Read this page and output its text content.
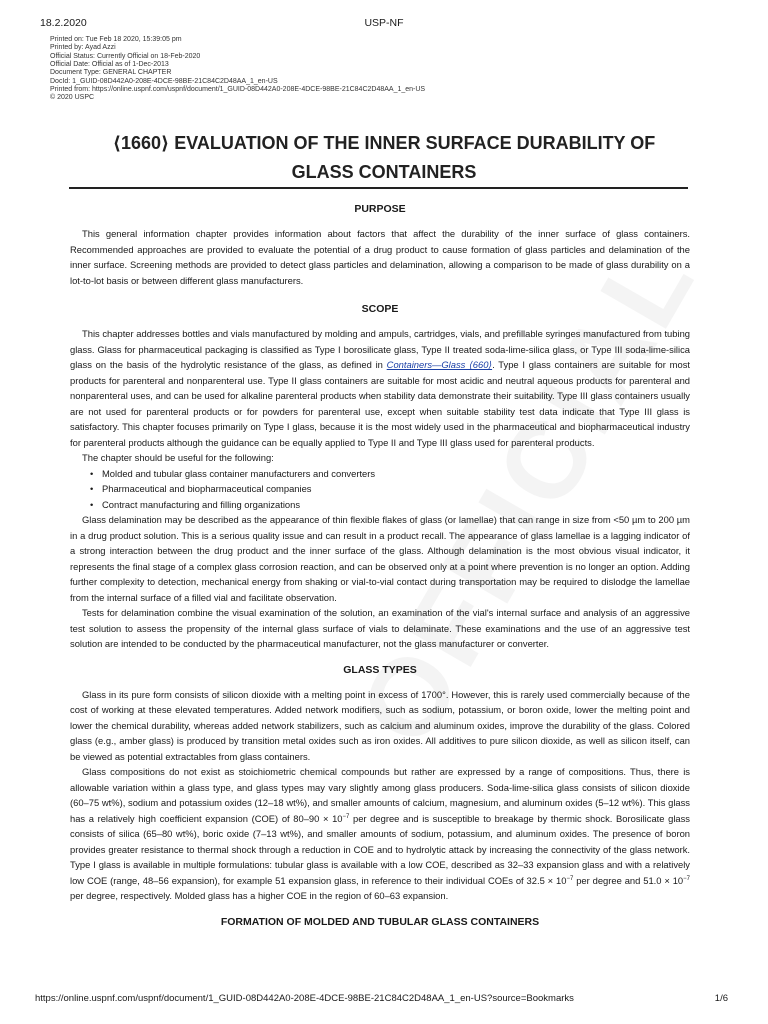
18.2.2020	USP-NF
Printed on: Tue Feb 18 2020, 15:39:05 pm
Printed by: Ayad Azzi
Official Status: Currently Official on 18-Feb-2020
Official Date: Official as of 1-Dec-2013
Document Type: GENERAL CHAPTER
DocId: 1_GUID-08D442A0-208E-4DCE-98BE-21C84C2D48AA_1_en-US
Printed from: https://online.uspnf.com/uspnf/document/1_GUID-08D442A0-208E-4DCE-98BE-21C84C2D48AA_1_en-US
© 2020 USPC
⟨1660⟩ EVALUATION OF THE INNER SURFACE DURABILITY OF
GLASS CONTAINERS
PURPOSE

This general information chapter provides information about factors that affect the durability of the inner surface of glass containers. Recommended approaches are provided to evaluate the potential of a drug product to cause formation of glass particles and delamination of the inner surface. Screening methods are provided to detect glass particles and delamination, allowing a comparison to be made of glass durability on a lot-to-lot basis or between different glass manufacturers.

SCOPE

This chapter addresses bottles and vials manufactured by molding and ampuls, cartridges, vials, and prefillable syringes manufactured from tubing glass. Glass for pharmaceutical packaging is classified as Type I borosilicate glass, Type II treated soda-lime-silica glass, or Type III soda-lime-silica glass on the basis of the hydrolytic resistance of the glass, as defined in Containers—Glass ⟨660⟩. Type I glass containers are suitable for most products for parenteral and nonparenteral use. Type II glass containers are suitable for most acidic and neutral aqueous products for parenteral and nonparenteral uses, and can be used for alkaline parenteral products when stability data demonstrate their suitability. Type III glass containers usually are not used for parenteral products or for powders for parenteral use, except when suitable stability test data indicate that Type III glass is satisfactory. This chapter focuses primarily on Type I glass, because it is the most widely used in the pharmaceutical and biopharmaceutical industry for parenteral products although the guidance can be equally applied to Type II and Type III glass used for parenteral products.

The chapter should be useful for the following:

• Molded and tubular glass container manufacturers and converters
• Pharmaceutical and biopharmaceutical companies
• Contract manufacturing and filling organizations

Glass delamination may be described as the appearance of thin flexible flakes of glass (or lamellae) that can range in size from <50 µm to 200 µm in a drug product solution. This is a serious quality issue and can result in a product recall. The appearance of glass lamellae is a lagging indicator of a strong interaction between the drug product and the inner surface of the glass. Although delamination is the most obvious visual indicator, it represents the final stage of a complex glass corrosion reaction, and can be observed only at a point where prevention is no longer an option. Adding further complexity to detection, mechanical energy from shaking or vial-to-vial contact during transportation may be required to dislodge the lamellae from the internal surface of a filled vial and facilitate observation.

Tests for delamination combine the visual examination of the solution, an examination of the vial's internal surface and analysis of an aggressive test solution to assess the propensity of the internal glass surface of vials to delaminate. These examinations and the use of an aggressive test solution are intended to be conducted by the pharmaceutical manufacturer, not the glass manufacturer or converter.

GLASS TYPES

Glass in its pure form consists of silicon dioxide with a melting point in excess of 1700°. However, this is rarely used commercially because of the cost of working at these elevated temperatures. Added network modifiers, such as sodium, potassium, or boron oxide, lower the melting point and lower the chemical durability, whereas added network stabilizers, such as calcium and aluminum oxides, improve the durability of the glass. Colored glass (e.g., amber glass) is produced by transition metal oxides such as iron oxides. All additives to pure silicon dioxide, as well as silicon itself, can be viewed as potential extractables from glass containers.

Glass compositions do not exist as stoichiometric chemical compounds but rather are expressed by a range of compositions. Thus, there is allowable variation within a glass type, and glass types may vary slightly among glass producers. Soda-lime-silica glass consists of silicon dioxide (60–75 wt%), sodium and potassium oxides (12–18 wt%), and smaller amounts of calcium, magnesium, and aluminum oxides (5–12 wt%). This glass has a relatively high coefficient expansion (COE) of $80-90 \times 10^{-7}$ per degree and is susceptible to breakage by thermic shock. Borosilicate glass consists of silica (65–80 wt%), boric oxide (7–13 wt%), and smaller amounts of sodium, potassium, and aluminum oxides. The presence of boron provides greater resistance to thermal shock through a reduction in COE and to hydrolytic attack by increasing the connectivity of the glass network. Type I glass is available in multiple formulations: tubular glass is available with a low COE, described as 32–33 expansion glass and with a relatively low COE (range, 48–56 expansion), for example 51 expansion glass, in reference to their individual COEs of $32.5 \times 10^{-7}$ per degree and $51.0 \times 10^{-7}$ per degree, respectively. Molded glass has a higher COE in the region of 60–63 expansion.

FORMATION OF MOLDED AND TUBULAR GLASS CONTAINERS
https://online.uspnf.com/uspnf/document/1_GUID-08D442A0-208E-4DCE-98BE-21C84C2D48AA_1_en-US?source=Bookmarks	1/6
